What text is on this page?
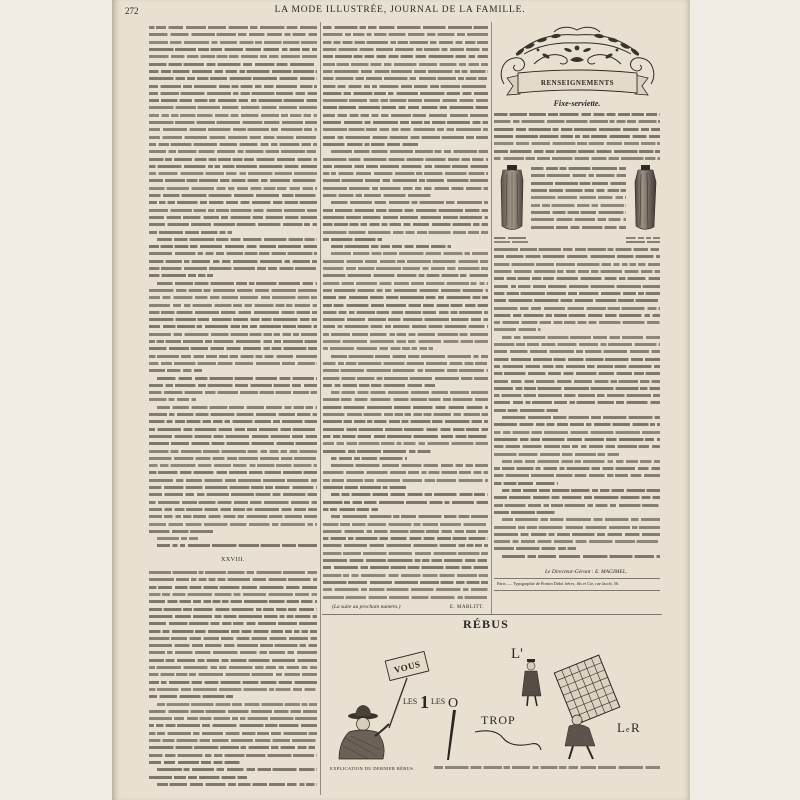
272	LA MODE ILLUSTRÉE, JOURNAL DE LA FAMILLE.
XXVIII.
(La suite au prochain numéro.)	E. MARLITT.
RENSEIGNEMENTS
Fixe-serviette.
Le Directeur-Gérant : E. MAGIMEL.
Paris. — Typographie de Firmin Didot frères, fils et Cie, rue Jacob, 56.
RÉBUS
VOUS
LES 1 LES O
L'
TROP	L e R
EXPLICATION DU DERNIER RÉBUS.
